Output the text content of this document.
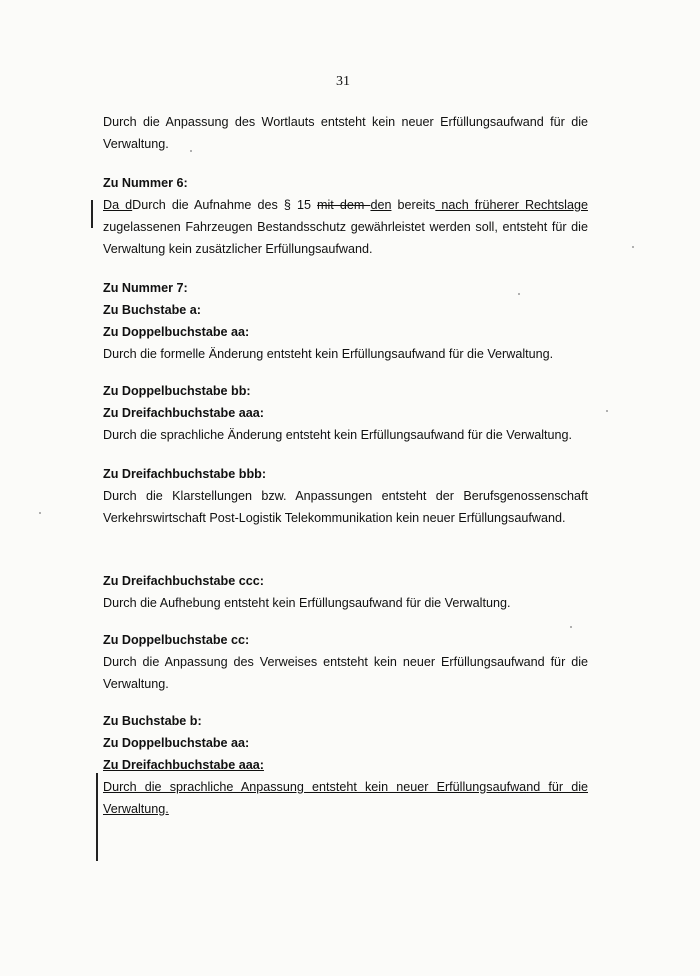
31

Durch die Anpassung des Wortlauts entsteht kein neuer Erfüllungsaufwand für die Verwaltung.

Zu Nummer 6:

Da dDurch die Aufnahme des § 15 mit dem den bereits nach früherer Rechtslage zugelassenen Fahrzeugen Bestandsschutz gewährleistet werden soll, entsteht für die Verwaltung kein zusätzlicher Erfüllungsaufwand.

Zu Nummer 7:

Zu Buchstabe a:

Zu Doppelbuchstabe aa:

Durch die formelle Änderung entsteht kein Erfüllungsaufwand für die Verwaltung.

Zu Doppelbuchstabe bb:

Zu Dreifachbuchstabe aaa:

Durch die sprachliche Änderung entsteht kein Erfüllungsaufwand für die Verwaltung.

Zu Dreifachbuchstabe bbb:

Durch die Klarstellungen bzw. Anpassungen entsteht der Berufsgenossenschaft Verkehrswirtschaft Post-Logistik Telekommunikation kein neuer Erfüllungsaufwand.

Zu Dreifachbuchstabe ccc:

Durch die Aufhebung entsteht kein Erfüllungsaufwand für die Verwaltung.

Zu Doppelbuchstabe cc:

Durch die Anpassung des Verweises entsteht kein neuer Erfüllungsaufwand für die Verwaltung.

Zu Buchstabe b:

Zu Doppelbuchstabe aa:

Zu Dreifachbuchstabe aaa:

Durch die sprachliche Anpassung entsteht kein neuer Erfüllungsaufwand für die Verwaltung.
